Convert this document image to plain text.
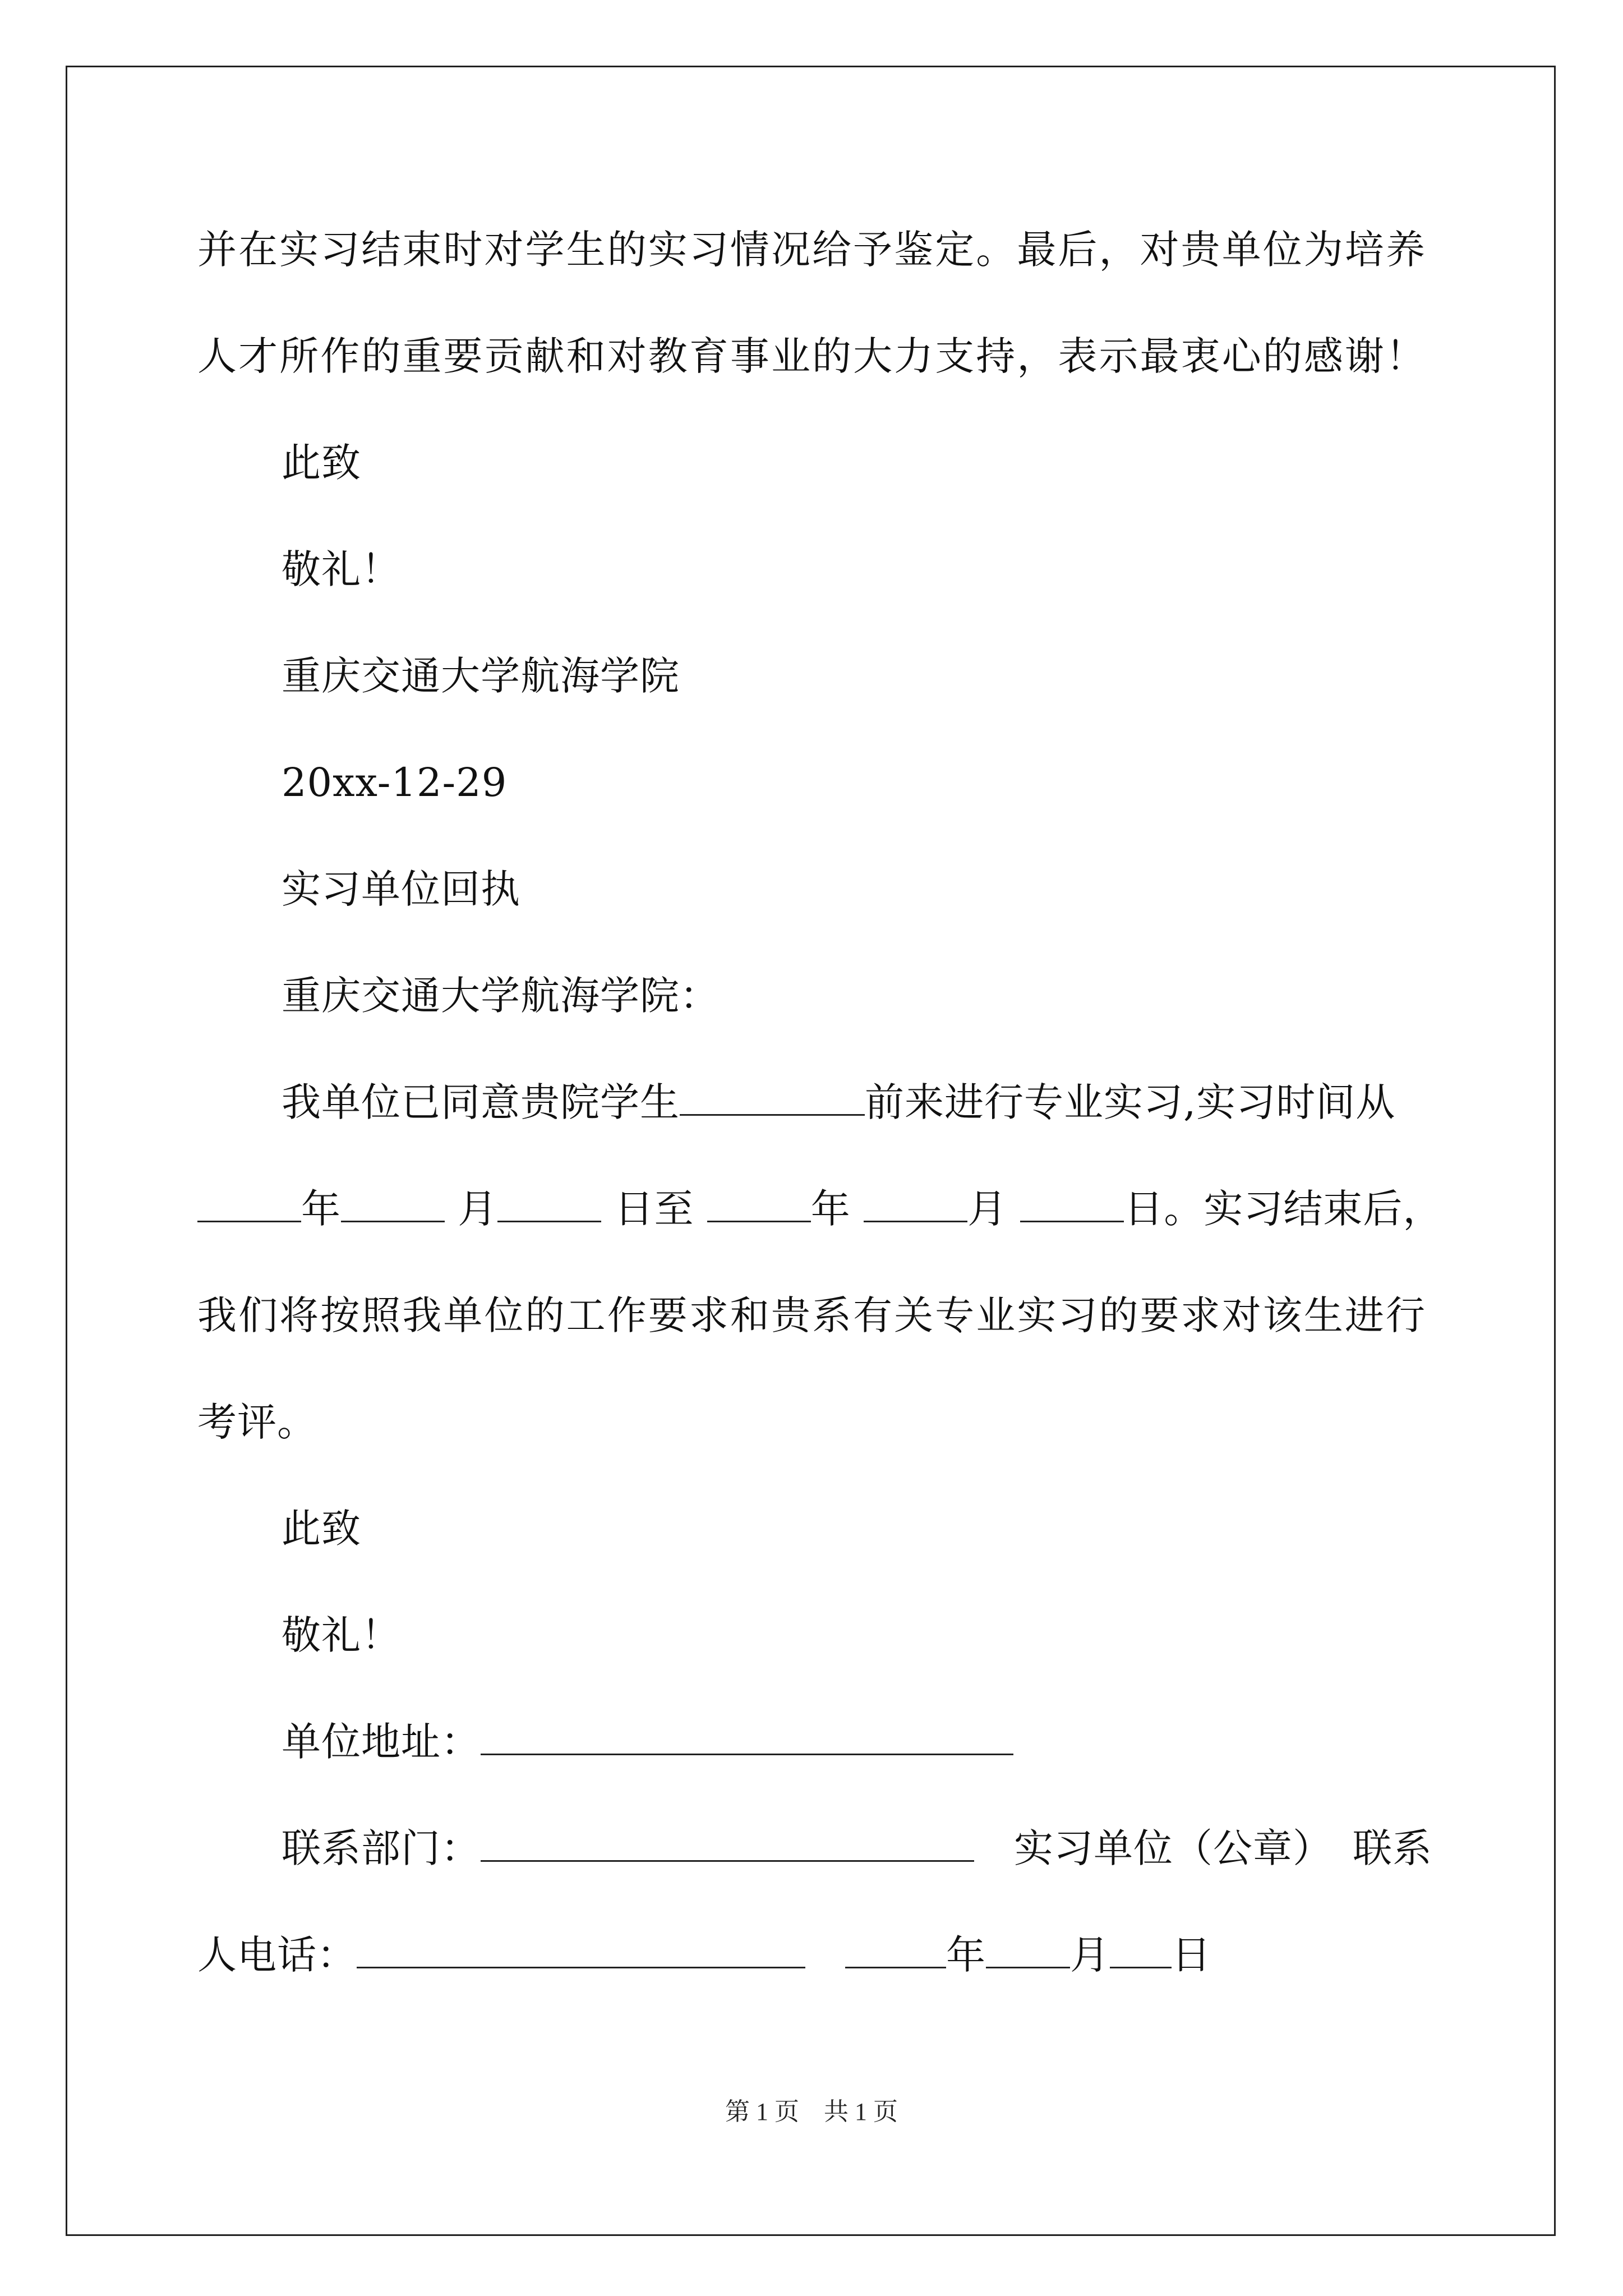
并在实习结束时对学生的实习情况给予鉴定。最后，对贵单位为培养
人才所作的重要贡献和对教育事业的大力支持，表示最衷心的感谢！
此致
敬礼！
重庆交通大学航海学院
20xx-12-29
实习单位回执
重庆交通大学航海学院：
我单位已同意贵院学生	前来进行专业实习,实习时间从
年	月	日至	年	月	日。实习结束后，
我们将按照我单位的工作要求和贵系有关专业实习的要求对该生进行
考评。
此致
敬礼！
单位地址：
联系部门：　	实习单位（公章）　 联系
人电话：　	年 月 日
第 1 页　共 1 页
